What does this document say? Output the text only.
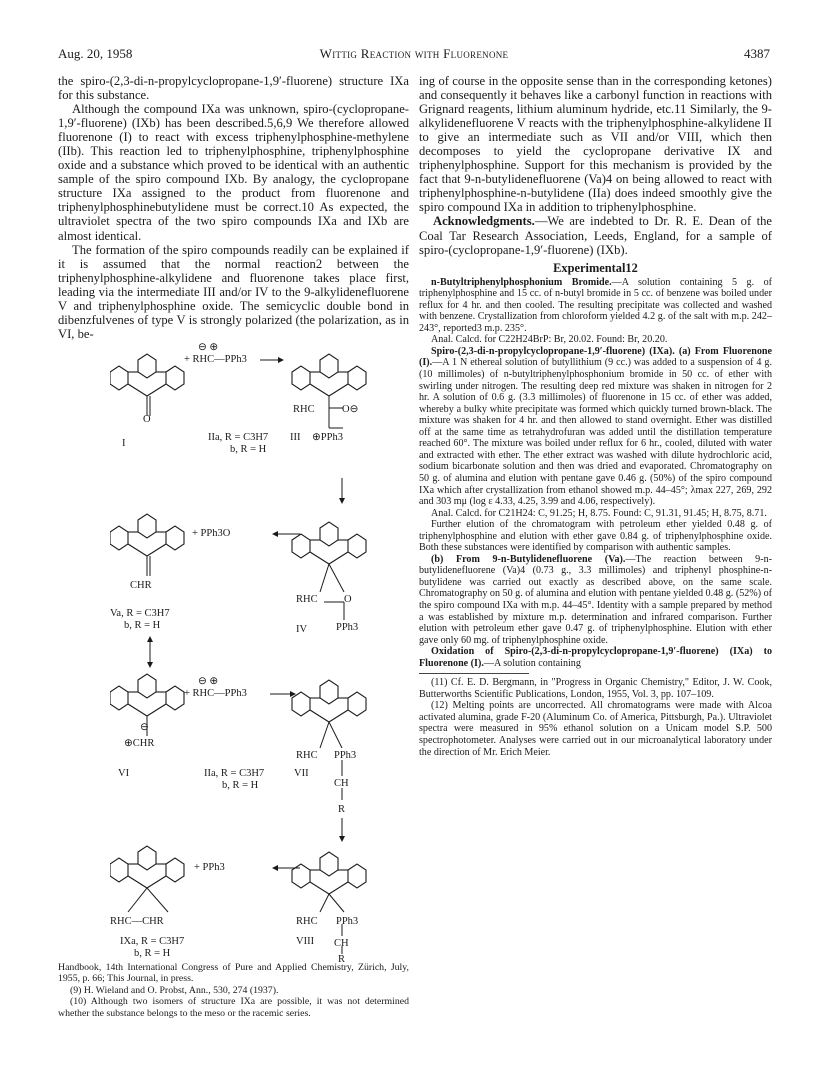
Aug. 20, 1958	Wittig Reaction with Fluorenone	4387

the spiro-(2,3-di-n-propylcyclopropane-1,9′-fluorene) structure IXa for this substance.

Although the compound IXa was unknown, spiro-(cyclopropane-1,9′-fluorene) (IXb) has been described.5,6,9 We therefore allowed fluorenone (I) to react with excess triphenylphosphine-methylene (IIb). This reaction led to triphenylphosphine, triphenylphosphine oxide and a substance which proved to be identical with an authentic sample of the spiro compound IXb. By analogy, the cyclopropane structure IXa assigned to the product from fluorenone and triphenylphosphinebutylidene must be correct.10 As expected, the ultraviolet spectra of the two spiro compounds IXa and IXb are almost identical.

The formation of the spiro compounds readily can be explained if it is assumed that the normal reaction2 between the triphenylphosphine-alkylidene and fluorenone takes place first, leading via the intermediate III and/or IV to the 9-alkylidenefluorene V and triphenylphosphine oxide. The semicyclic double bond in dibenzfulvenes of type V is strongly polarized (the polarization, as in VI, be-

⊖ ⊕
+ RHC—PPh3
O
RHC	O⊖
I
IIa, R = C3H7
b, R = H
III ⊕PPh3
+ PPh3O
CHR
RHC	O
PPh3
Va, R = C3H7
b, R = H	IV
⊖ ⊕
+ RHC—PPh3
⊖
⊕CHR
RHC PPh3
CH
R
VI	IIa, R = C3H7
b, R = H
VII
+ PPh3
RHC—CHR	RHC PPh3
CH
R
IXa, R = C3H7
b, R = H
VIII

Handbook, 14th International Congress of Pure and Applied Chemistry, Zürich, July, 1955, p. 66; This Journal, in press.

(9) H. Wieland and O. Probst, Ann., 530, 274 (1937).

(10) Although two isomers of structure IXa are possible, it was not determined whether the substance belongs to the meso or the racemic series.

ing of course in the opposite sense than in the corresponding ketones) and consequently it behaves like a carbonyl function in reactions with Grignard reagents, lithium aluminum hydride, etc.11 Similarly, the 9-alkylidenefluorene V reacts with the triphenylphosphine-alkylidene II to give an intermediate such as VII and/or VIII, which then decomposes to yield the cyclopropane derivative IX and triphenylphosphine. Support for this mechanism is provided by the fact that 9-n-butylidenefluorene (Va)4 on being allowed to react with triphenylphosphine-n-butylidene (IIa) does indeed smoothly give the spiro compound IXa in addition to triphenylphosphine.

Acknowledgments.—We are indebted to Dr. R. E. Dean of the Coal Tar Research Association, Leeds, England, for a sample of spiro-(cyclopropane-1,9′-fluorene) (IXb).

Experimental12

n-Butyltriphenylphosphonium Bromide.—A solution containing 5 g. of triphenylphosphine and 15 cc. of n-butyl bromide in 5 cc. of benzene was boiled under reflux for 4 hr. and then cooled. The resulting precipitate was collected and washed with benzene. Crystallization from chloroform yielded 4.2 g. of the salt with m.p. 242–243°, reported3 m.p. 235°.

Anal. Calcd. for C22H24BrP: Br, 20.02. Found: Br, 20.20.

Spiro-(2,3-di-n-propylcyclopropane-1,9′-fluorene) (IXa). (a) From Fluorenone (I).—A 1 N ethereal solution of butyllithium (9 cc.) was added to a suspension of 4 g. (10 millimoles) of n-butyltriphenylphosphonium bromide in 50 cc. of ether with swirling under nitrogen. The resulting deep red mixture was shaken in nitrogen for 2 hr. A solution of 0.6 g. (3.3 millimoles) of fluorenone in 15 cc. of ether was added, whereby a bulky white precipitate was formed which quickly turned brown-black. The mixture was shaken for 4 hr. and then allowed to stand overnight. Ether was distilled off at the same time as tetrahydrofuran was added until the distillation temperature reached 60°. The mixture was boiled under reflux for 6 hr., cooled, diluted with water and extracted with ether. The ether extract was washed with dilute hydrochloric acid, sodium bicarbonate solution and then was dried and evaporated. Chromatography on 50 g. of alumina and elution with pentane gave 0.46 g. (50%) of the spiro compound IXa which after crystallization from ethanol showed m.p. 44–45°; λmax 227, 269, 292 and 303 mμ (log ε 4.33, 4.25, 3.99 and 4.06, respectively).

Anal. Calcd. for C21H24: C, 91.25; H, 8.75. Found: C, 91.31, 91.45; H, 8.75, 8.71.

Further elution of the chromatogram with petroleum ether yielded 0.48 g. of triphenylphosphine and elution with ether gave 0.84 g. of triphenylphosphine oxide. Both these substances were identified by comparison with authentic samples.

(b) From 9-n-Butylidenefluorene (Va).—The reaction between 9-n-butylidenefluorene (Va)4 (0.73 g., 3.3 millimoles) and triphenyl phosphine-n-butylidene was carried out exactly as described above, on the same scale. Chromatography on 50 g. of alumina and elution with pentane yielded 0.48 g. (52%) of the spiro compound IXa with m.p. 44–45°. Identity with a sample prepared by method a was established by mixture m.p. determination and infrared comparison. Further elution with petroleum ether gave 0.47 g. of triphenylphosphine. Elution with ether gave only 60 mg. of triphenylphosphine oxide.

Oxidation of Spiro-(2,3-di-n-propylcyclopropane-1,9′-fluorene) (IXa) to Fluorenone (I).—A solution containing

(11) Cf. E. D. Bergmann, in "Progress in Organic Chemistry," Editor, J. W. Cook, Butterworths Scientific Publications, London, 1955, Vol. 3, pp. 107–109.

(12) Melting points are uncorrected. All chromatograms were made with Alcoa activated alumina, grade F-20 (Aluminum Co. of America, Pittsburgh, Pa.). Ultraviolet spectra were measured in 95% ethanol solution on a Unicam model S.P. 500 spectrophotometer. Analyses were carried out in our microanalytical laboratory under the direction of Mr. Erich Meier.
